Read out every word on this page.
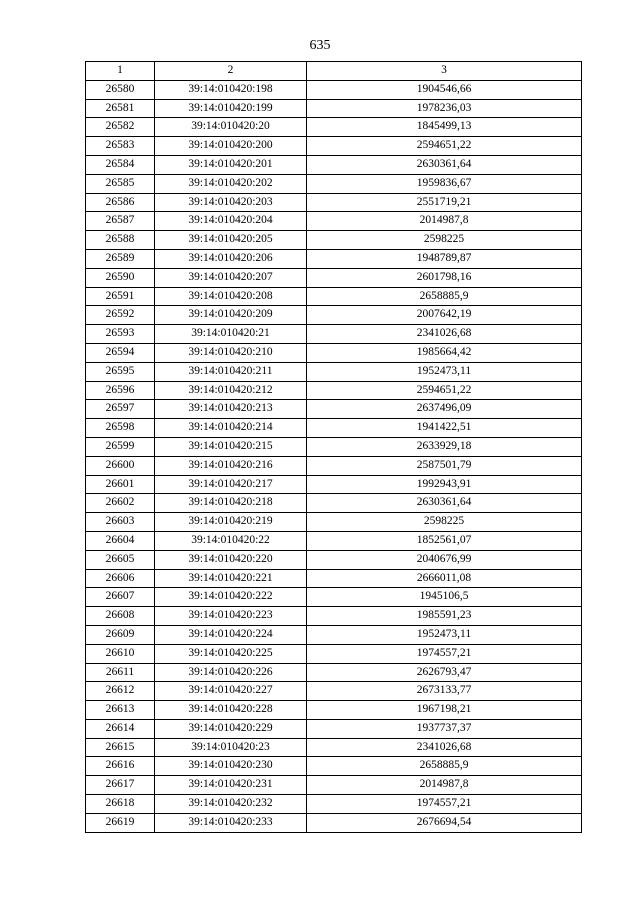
635
1	2	3
26580	39:14:010420:198	1904546,66
26581	39:14:010420:199	1978236,03
26582	39:14:010420:20	1845499,13
26583	39:14:010420:200	2594651,22
26584	39:14:010420:201	2630361,64
26585	39:14:010420:202	1959836,67
26586	39:14:010420:203	2551719,21
26587	39:14:010420:204	2014987,8
26588	39:14:010420:205	2598225
26589	39:14:010420:206	1948789,87
26590	39:14:010420:207	2601798,16
26591	39:14:010420:208	2658885,9
26592	39:14:010420:209	2007642,19
26593	39:14:010420:21	2341026,68
26594	39:14:010420:210	1985664,42
26595	39:14:010420:211	1952473,11
26596	39:14:010420:212	2594651,22
26597	39:14:010420:213	2637496,09
26598	39:14:010420:214	1941422,51
26599	39:14:010420:215	2633929,18
26600	39:14:010420:216	2587501,79
26601	39:14:010420:217	1992943,91
26602	39:14:010420:218	2630361,64
26603	39:14:010420:219	2598225
26604	39:14:010420:22	1852561,07
26605	39:14:010420:220	2040676,99
26606	39:14:010420:221	2666011,08
26607	39:14:010420:222	1945106,5
26608	39:14:010420:223	1985591,23
26609	39:14:010420:224	1952473,11
26610	39:14:010420:225	1974557,21
26611	39:14:010420:226	2626793,47
26612	39:14:010420:227	2673133,77
26613	39:14:010420:228	1967198,21
26614	39:14:010420:229	1937737,37
26615	39:14:010420:23	2341026,68
26616	39:14:010420:230	2658885,9
26617	39:14:010420:231	2014987,8
26618	39:14:010420:232	1974557,21
26619	39:14:010420:233	2676694,54
